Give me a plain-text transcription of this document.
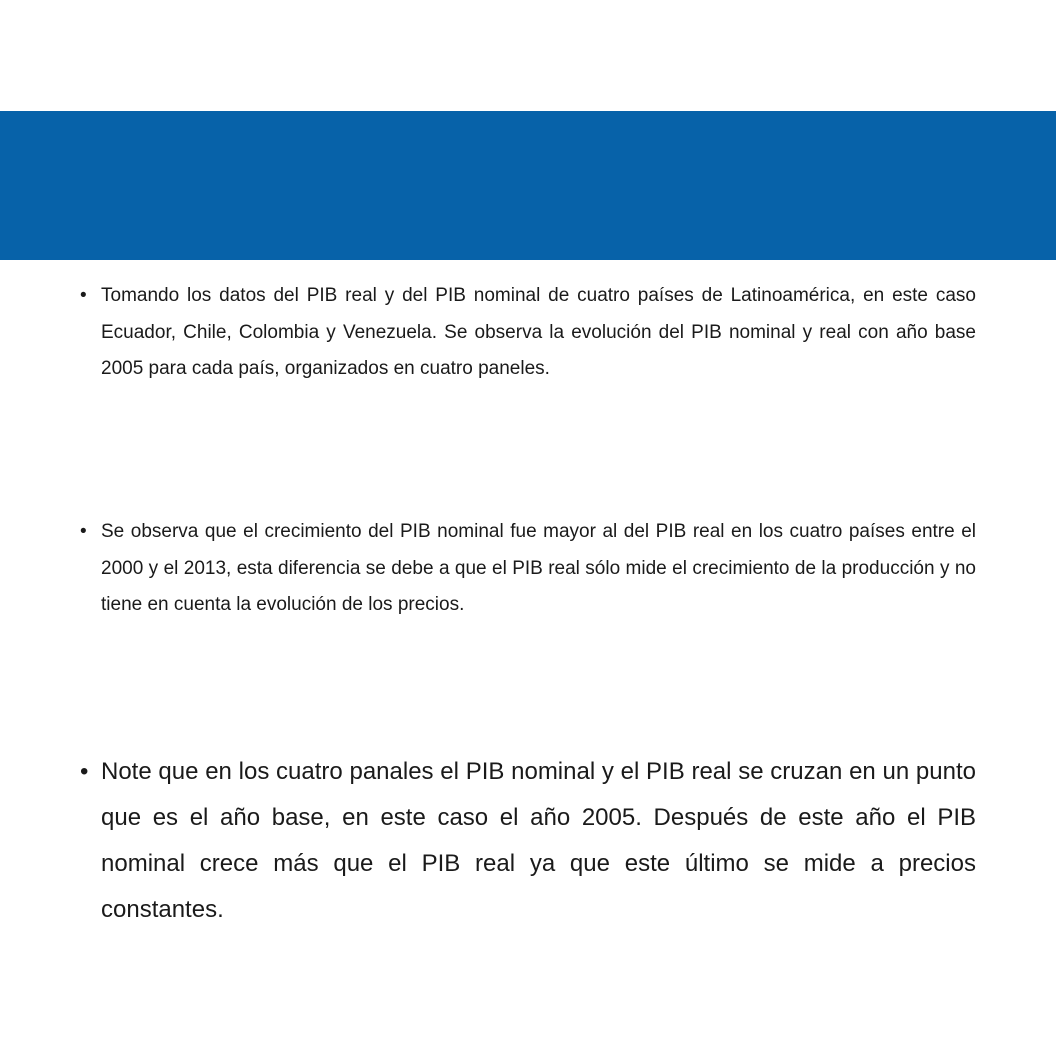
• Tomando los datos del PIB real y del PIB nominal de cuatro países de Latinoamérica, en este caso Ecuador, Chile, Colombia y Venezuela. Se observa la evolución del PIB nominal y real con año base 2005 para cada país, organizados en cuatro paneles.
• Se observa que el crecimiento del PIB nominal fue mayor al del PIB real en los cuatro países entre el 2000 y el 2013, esta diferencia se debe a que el PIB real sólo mide el crecimiento de la producción y no tiene en cuenta la evolución de los precios.
• Note que en los cuatro panales el PIB nominal y el PIB real se cruzan en un punto que es el año base, en este caso el año 2005. Después de este año el PIB nominal crece más que el PIB real ya que este último se mide a precios constantes.
